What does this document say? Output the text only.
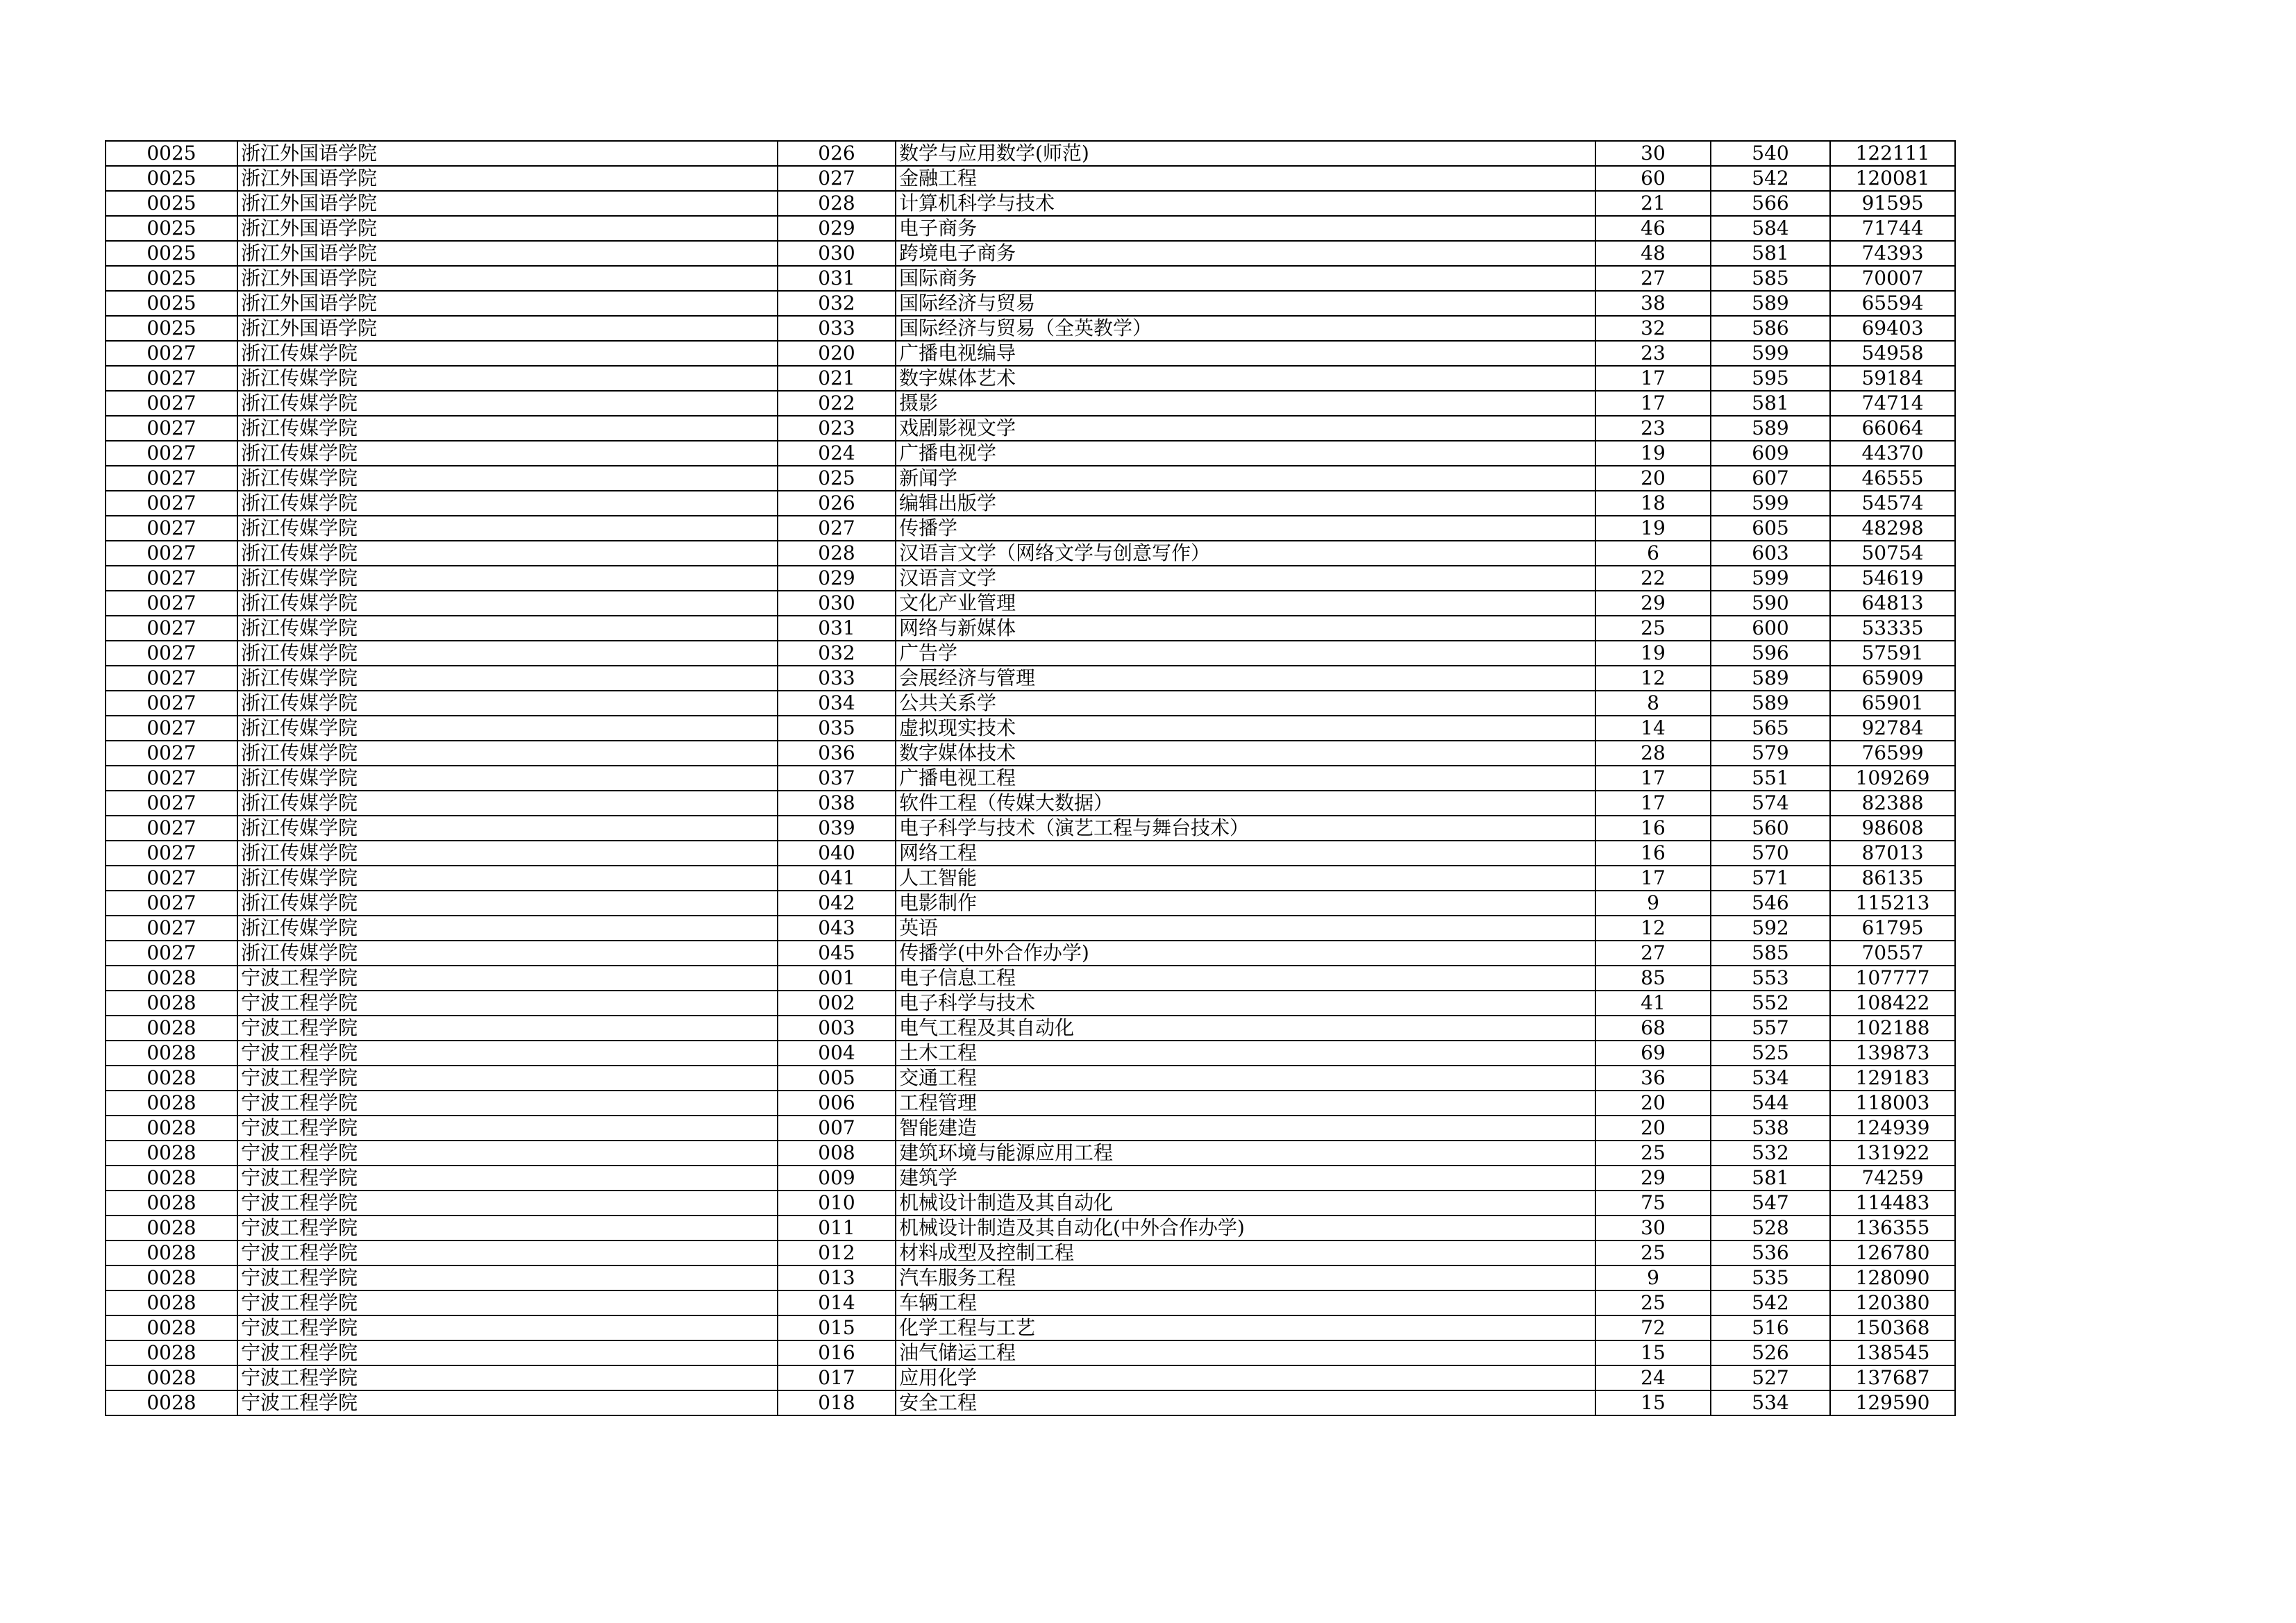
0025	浙江外国语学院	026	数学与应用数学(师范)	30	540	122111
0025	浙江外国语学院	027	金融工程	60	542	120081
0025	浙江外国语学院	028	计算机科学与技术	21	566	91595
0025	浙江外国语学院	029	电子商务	46	584	71744
0025	浙江外国语学院	030	跨境电子商务	48	581	74393
0025	浙江外国语学院	031	国际商务	27	585	70007
0025	浙江外国语学院	032	国际经济与贸易	38	589	65594
0025	浙江外国语学院	033	国际经济与贸易（全英教学）	32	586	69403
0027	浙江传媒学院	020	广播电视编导	23	599	54958
0027	浙江传媒学院	021	数字媒体艺术	17	595	59184
0027	浙江传媒学院	022	摄影	17	581	74714
0027	浙江传媒学院	023	戏剧影视文学	23	589	66064
0027	浙江传媒学院	024	广播电视学	19	609	44370
0027	浙江传媒学院	025	新闻学	20	607	46555
0027	浙江传媒学院	026	编辑出版学	18	599	54574
0027	浙江传媒学院	027	传播学	19	605	48298
0027	浙江传媒学院	028	汉语言文学（网络文学与创意写作）	6	603	50754
0027	浙江传媒学院	029	汉语言文学	22	599	54619
0027	浙江传媒学院	030	文化产业管理	29	590	64813
0027	浙江传媒学院	031	网络与新媒体	25	600	53335
0027	浙江传媒学院	032	广告学	19	596	57591
0027	浙江传媒学院	033	会展经济与管理	12	589	65909
0027	浙江传媒学院	034	公共关系学	8	589	65901
0027	浙江传媒学院	035	虚拟现实技术	14	565	92784
0027	浙江传媒学院	036	数字媒体技术	28	579	76599
0027	浙江传媒学院	037	广播电视工程	17	551	109269
0027	浙江传媒学院	038	软件工程（传媒大数据）	17	574	82388
0027	浙江传媒学院	039	电子科学与技术（演艺工程与舞台技术）	16	560	98608
0027	浙江传媒学院	040	网络工程	16	570	87013
0027	浙江传媒学院	041	人工智能	17	571	86135
0027	浙江传媒学院	042	电影制作	9	546	115213
0027	浙江传媒学院	043	英语	12	592	61795
0027	浙江传媒学院	045	传播学(中外合作办学)	27	585	70557
0028	宁波工程学院	001	电子信息工程	85	553	107777
0028	宁波工程学院	002	电子科学与技术	41	552	108422
0028	宁波工程学院	003	电气工程及其自动化	68	557	102188
0028	宁波工程学院	004	土木工程	69	525	139873
0028	宁波工程学院	005	交通工程	36	534	129183
0028	宁波工程学院	006	工程管理	20	544	118003
0028	宁波工程学院	007	智能建造	20	538	124939
0028	宁波工程学院	008	建筑环境与能源应用工程	25	532	131922
0028	宁波工程学院	009	建筑学	29	581	74259
0028	宁波工程学院	010	机械设计制造及其自动化	75	547	114483
0028	宁波工程学院	011	机械设计制造及其自动化(中外合作办学)	30	528	136355
0028	宁波工程学院	012	材料成型及控制工程	25	536	126780
0028	宁波工程学院	013	汽车服务工程	9	535	128090
0028	宁波工程学院	014	车辆工程	25	542	120380
0028	宁波工程学院	015	化学工程与工艺	72	516	150368
0028	宁波工程学院	016	油气储运工程	15	526	138545
0028	宁波工程学院	017	应用化学	24	527	137687
0028	宁波工程学院	018	安全工程	15	534	129590
